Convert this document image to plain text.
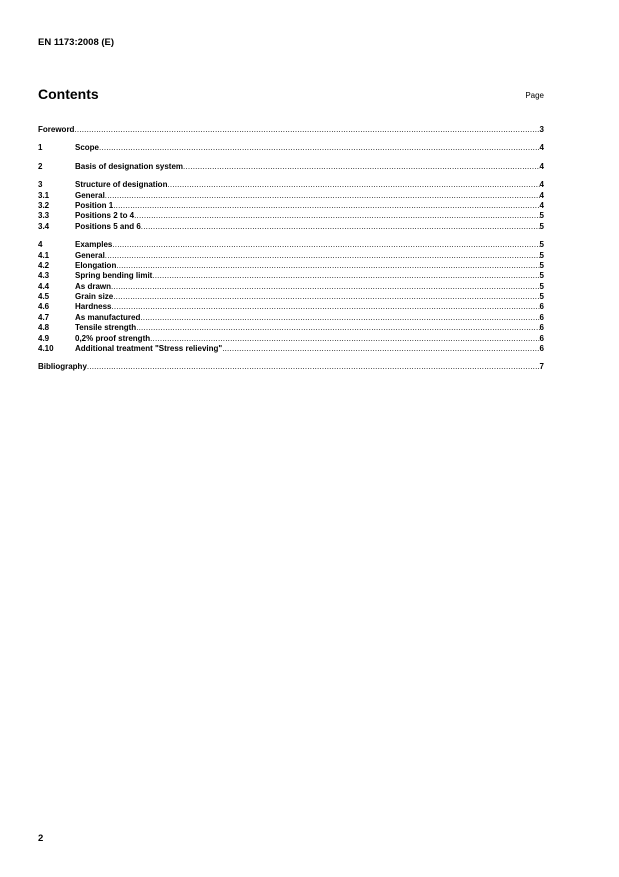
EN 1173:2008 (E)
Contents	Page
Foreword .....	3
1	Scope .....	4
2	Basis of designation system .....	4
3	Structure of designation .....	4
3.1	General .....	4
3.2	Position 1 .....	4
3.3	Positions 2 to 4 .....	5
3.4	Positions 5 and 6 .....	5
4	Examples .....	5
4.1	General .....	5
4.2	Elongation .....	5
4.3	Spring bending limit .....	5
4.4	As drawn .....	5
4.5	Grain size .....	5
4.6	Hardness .....	6
4.7	As manufactured .....	6
4.8	Tensile strength .....	6
4.9	0,2% proof strength .....	6
4.10	Additional treatment "Stress relieving" .....	6
Bibliography .....	7
2
